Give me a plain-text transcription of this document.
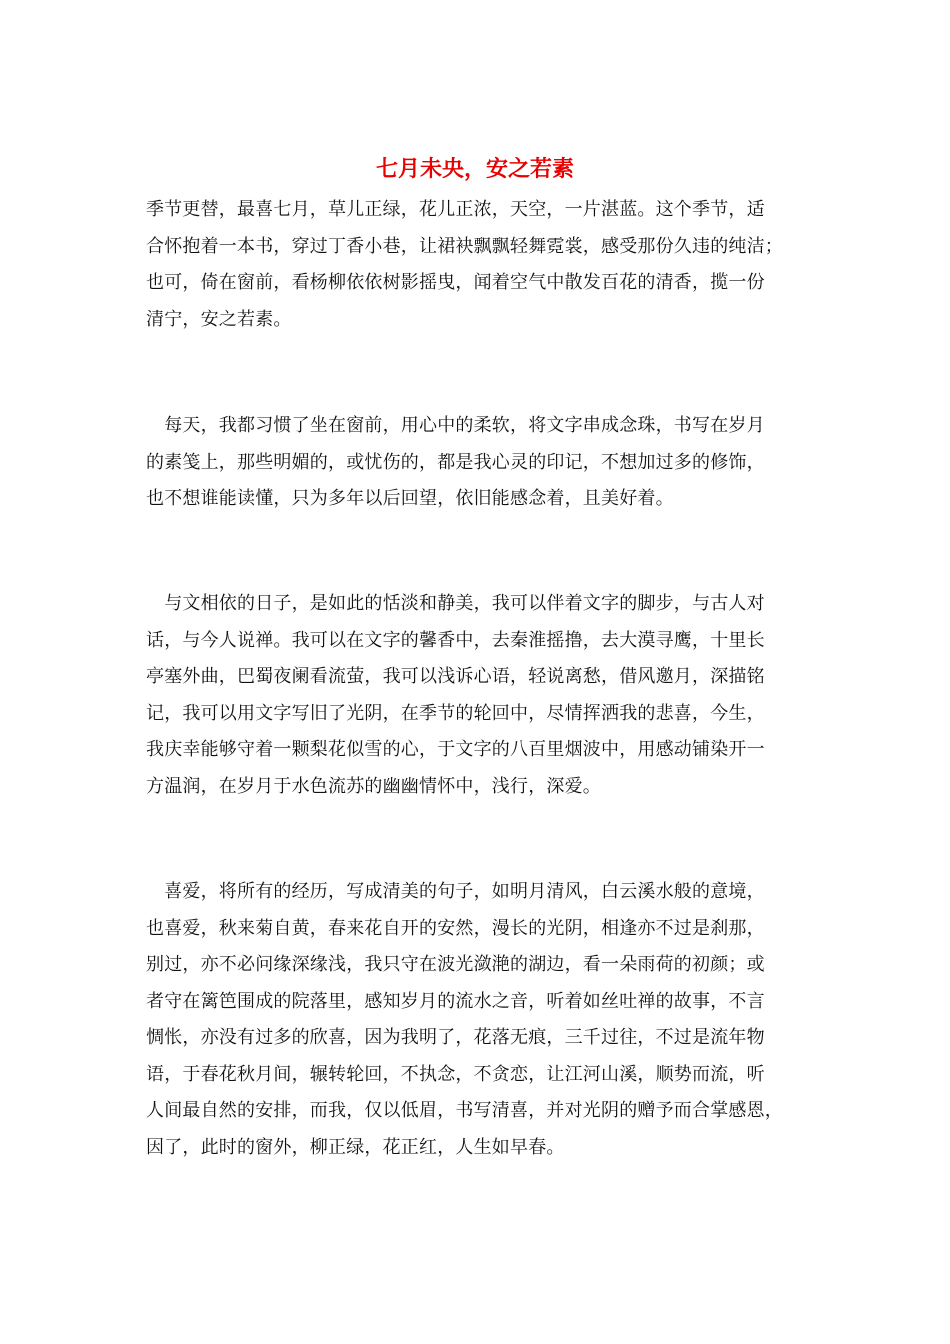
七月未央，安之若素

季节更替，最喜七月，草儿正绿，花儿正浓，天空，一片湛蓝。这个季节，适
合怀抱着一本书，穿过丁香小巷，让裙袂飘飘轻舞霓裳，感受那份久违的纯洁；
也可，倚在窗前，看杨柳依依树影摇曳，闻着空气中散发百花的清香，揽一份
清宁，安之若素。

　每天，我都习惯了坐在窗前，用心中的柔软，将文字串成念珠，书写在岁月
的素笺上，那些明媚的，或忧伤的，都是我心灵的印记，不想加过多的修饰，
也不想谁能读懂，只为多年以后回望，依旧能感念着，且美好着。

　与文相依的日子，是如此的恬淡和静美，我可以伴着文字的脚步，与古人对
话，与今人说禅。我可以在文字的馨香中，去秦淮摇撸，去大漠寻鹰，十里长
亭塞外曲，巴蜀夜阑看流萤，我可以浅诉心语，轻说离愁，借风邀月，深描铭
记，我可以用文字写旧了光阴，在季节的轮回中，尽情挥洒我的悲喜，今生，
我庆幸能够守着一颗梨花似雪的心，于文字的八百里烟波中，用感动铺染开一
方温润，在岁月于水色流苏的幽幽情怀中，浅行，深爱。

　喜爱，将所有的经历，写成清美的句子，如明月清风，白云溪水般的意境，
也喜爱，秋来菊自黄，春来花自开的安然，漫长的光阴，相逢亦不过是刹那，
别过，亦不必问缘深缘浅，我只守在波光潋滟的湖边，看一朵雨荷的初颜；或
者守在篱笆围成的院落里，感知岁月的流水之音，听着如丝吐禅的故事，不言
惆怅，亦没有过多的欣喜，因为我明了，花落无痕，三千过往，不过是流年物
语，于春花秋月间，辗转轮回，不执念，不贪恋，让江河山溪，顺势而流，听
人间最自然的安排，而我，仅以低眉，书写清喜，并对光阴的赠予而合掌感恩，
因了，此时的窗外，柳正绿，花正红，人生如早春。
